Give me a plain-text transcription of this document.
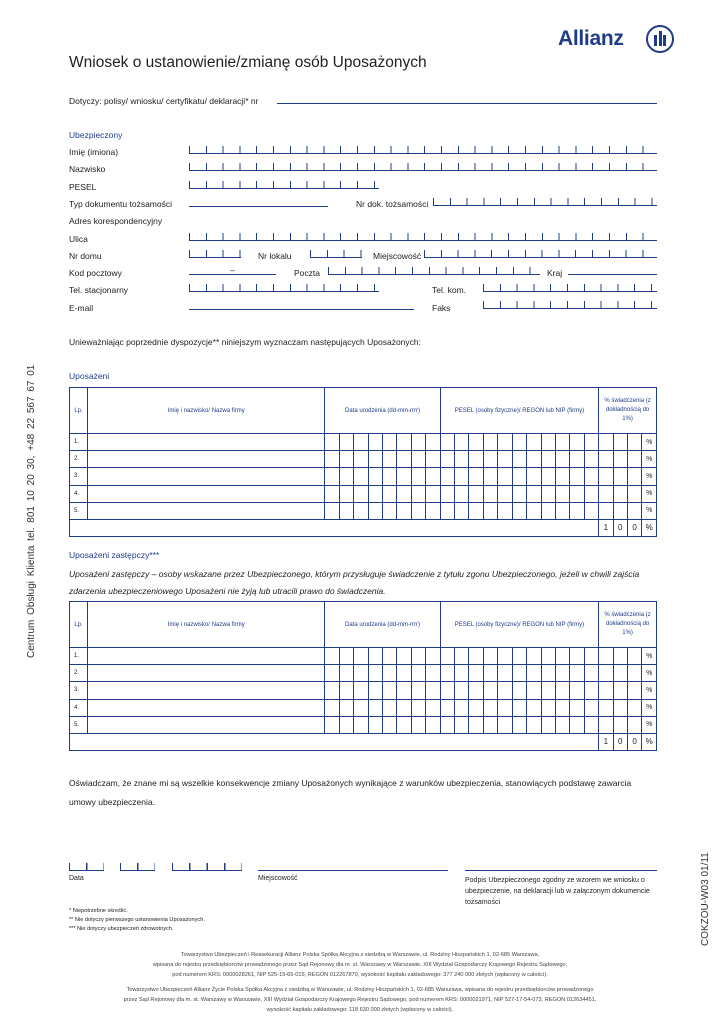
Allianz
Wniosek o ustanowienie/zmianę osób Uposażonych
Dotyczy: polisy/ wniosku/ certyfikatu/ deklaracji* nr
Ubezpieczony
Imię (imiona)
Nazwisko
PESEL
Typ dokumentu tożsamości	Nr dok. tożsamości
Adres korespondencyjny
Ulica
Nr domu	Nr lokalu	Miejscowość
Kod pocztowy	–	Poczta	Kraj
Tel. stacjonarny	Tel. kom.
E-mail	Faks
Unieważniając poprzednie dyspozycje** niniejszym wyznaczam następujących Uposażonych:
Uposażeni
Lp.	Imię i nazwisko/ Nazwa firmy	Data urodzenia (dd-mm-rrrr)								PESEL (osoby fizyczne)/ REGON lub NIP (firmy)											% świadczenia (z dokładnością do 1%)			
1.																								%
2.																								%
3.																								%
4.																								%
5.																								%
																					1	0	0	%
Uposażeni zastępczy***
Uposażeni zastępczy – osoby wskazane przez Ubezpieczonego, którym przysługuje świadczenie z tytułu zgonu Ubezpieczonego, jeżeli w chwili zajścia zdarzenia ubezpieczeniowego Uposażeni nie żyją lub utracili prawo do świadczenia.
Lp.	Imię i nazwisko/ Nazwa firmy	Data urodzenia (dd-mm-rrrr)								PESEL (osoby fizyczne)/ REGON lub NIP (firmy)											% świadczenia (z dokładnością do 1%)			
1.																								%
2.																								%
3.																								%
4.																								%
5.																								%
																					1	0	0	%
Oświadczam, że znane mi są wszelkie konsekwencje zmiany Uposażonych wynikające z warunków ubezpieczenia, stanowiących podstawę zawarcia umowy ubezpieczenia.
Data	Miejscowość	Podpis Ubezpieczonego zgodny ze wzorem we wniosku o ubezpieczenie, na deklaracji lub w załączonym dokumencie tożsamości
* Niepotrzebne skreślić.
** Nie dotyczy pierwszego ustanowienia Uposażonych.
*** Nie dotyczy ubezpieczeń zdrowotnych.
Towarzystwo Ubezpieczeń i Reasekuracji Allianz Polska Spółka Akcyjna z siedzibą w Warszawie, ul. Rodziny Hiszpańskich 1, 02-685 Warszawa,
wpisana do rejestru przedsiębiorców prowadzonego przez Sąd Rejonowy dla m. st. Warszawy w Warszawie, XIII Wydział Gospodarczy Krajowego Rejestru Sądowego,
pod numerem KRS: 0000028261, NIP 525-15-65-015, REGON 012267870, wysokość kapitału zakładowego: 377 240 000 złotych (wpłacony w całości).
Towarzystwo Ubezpieczeń Allianz Życie Polska Spółka Akcyjna z siedzibą w Warszawie, ul. Rodziny Hiszpańskich 1, 02-685 Warszawa, wpisana do rejestru przedsiębiorców prowadzonego
przez Sąd Rejonowy dla m. st. Warszawy w Warszawie, XIII Wydział Gospodarczy Krajowego Rejestru Sądowego, pod numerem KRS: 0000021971, NIP 527-17-54-073, REGON 012634451,
wysokość kapitału zakładowego: 118 630 000 złotych (wpłacony w całości).
Centrum Obsługi Klienta tel. 801 10 20 30, +48 22 567 67 01
COKZOU-W03 01/11
